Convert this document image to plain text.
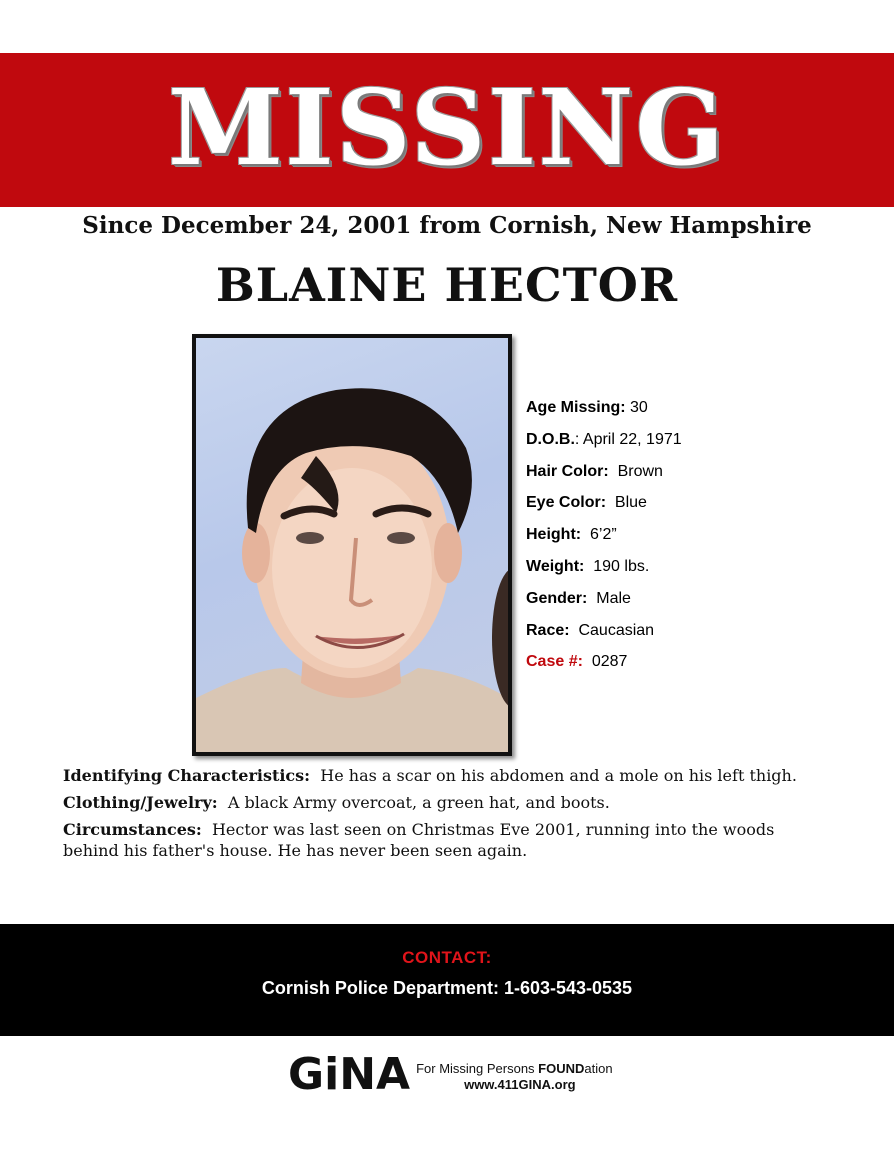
MISSING
Since December 24, 2001 from Cornish, New Hampshire
BLAINE HECTOR
Age Missing: 30
D.O.B.: April 22, 1971
Hair Color:  Brown
Eye Color:  Blue
Height:  6’2”
Weight:  190 lbs.
Gender:  Male
Race:  Caucasian
Case #:  0287

Identifying Characteristics:  He has a scar on his abdomen and a mole on his left thigh.

Clothing/Jewelry:  A black Army overcoat, a green hat, and boots.

Circumstances:  Hector was last seen on Christmas Eve 2001, running into the woods behind his father's house. He has never been seen again.

CONTACT:
Cornish Police Department: 1-603-543-0535
GiNA For Missing Persons FOUNDation
www.411GINA.org
